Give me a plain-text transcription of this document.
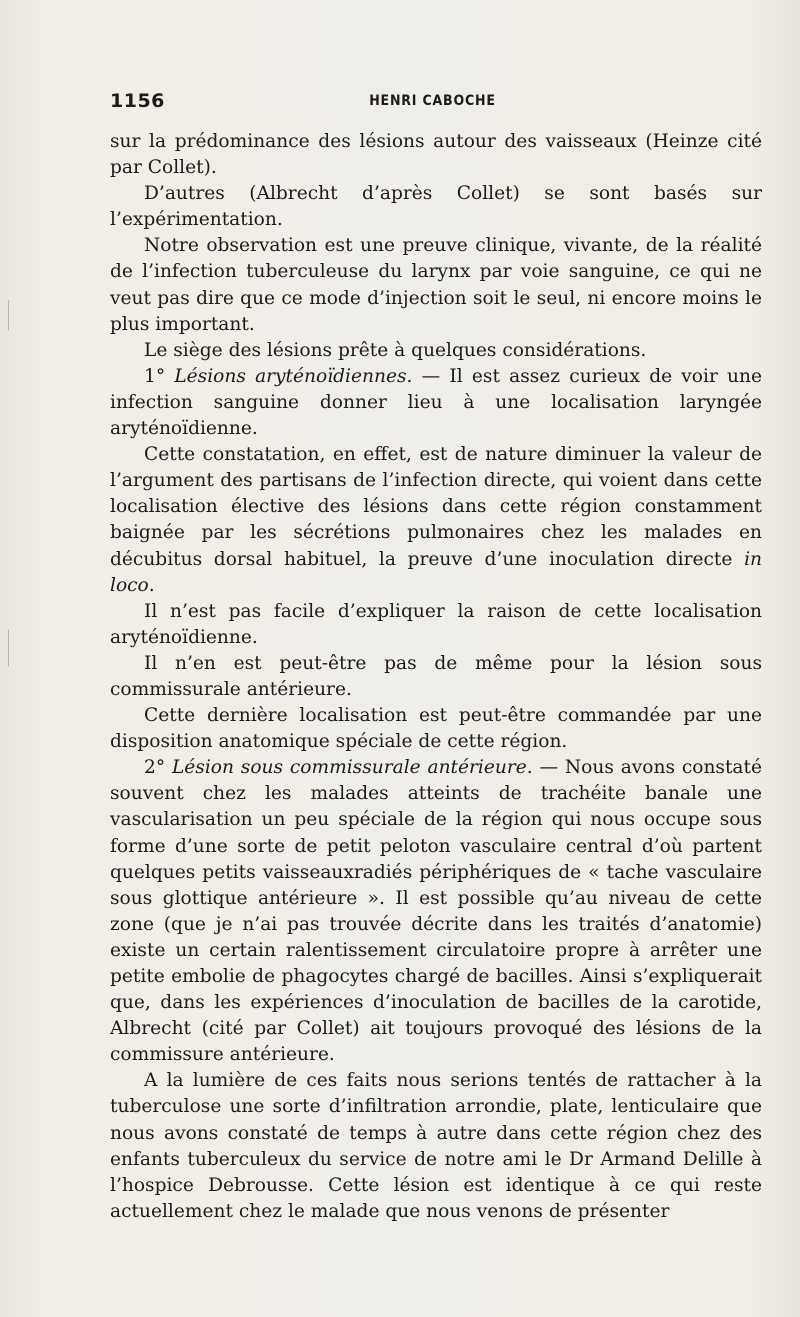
1156	HENRI CABOCHE

sur la prédominance des lésions autour des vaisseaux (Heinze cité par Collet).

D’autres (Albrecht d’après Collet) se sont basés sur l’expérimentation.

Notre observation est une preuve clinique, vivante, de la réalité de l’infection tuberculeuse du larynx par voie sanguine, ce qui ne veut pas dire que ce mode d’injection soit le seul, ni encore moins le plus important.

Le siège des lésions prête à quelques considérations.

1° Lésions aryténoïdiennes. — Il est assez curieux de voir une infection sanguine donner lieu à une localisation laryngée aryténoïdienne.

Cette constatation, en effet, est de nature diminuer la valeur de l’argument des partisans de l’infection directe, qui voient dans cette localisation élective des lésions dans cette région constamment baignée par les sécrétions pulmonaires chez les malades en décubitus dorsal habituel, la preuve d’une inoculation directe in loco.

Il n’est pas facile d’expliquer la raison de cette localisation aryténoïdienne.

Il n’en est peut-être pas de même pour la lésion sous commissurale antérieure.

Cette dernière localisation est peut-être commandée par une disposition anatomique spéciale de cette région.

2° Lésion sous commissurale antérieure. — Nous avons constaté souvent chez les malades atteints de trachéite banale une vascularisation un peu spéciale de la région qui nous occupe sous forme d’une sorte de petit peloton vasculaire central d’où partent quelques petits vaisseauxradiés périphériques de « tache vasculaire sous glottique antérieure ». Il est possible qu’au niveau de cette zone (que je n’ai pas trouvée décrite dans les traités d’anatomie) existe un certain ralentissement circulatoire propre à arrêter une petite embolie de phagocytes chargé de bacilles. Ainsi s’expliquerait que, dans les expériences d’inoculation de bacilles de la carotide, Albrecht (cité par Collet) ait toujours provoqué des lésions de la commissure antérieure.

A la lumière de ces faits nous serions tentés de rattacher à la tuberculose une sorte d’infiltration arrondie, plate, lenticulaire que nous avons constaté de temps à autre dans cette région chez des enfants tuberculeux du service de notre ami le Dr Armand Delille à l’hospice Debrousse. Cette lésion est identique à ce qui reste actuellement chez le malade que nous venons de présenter
